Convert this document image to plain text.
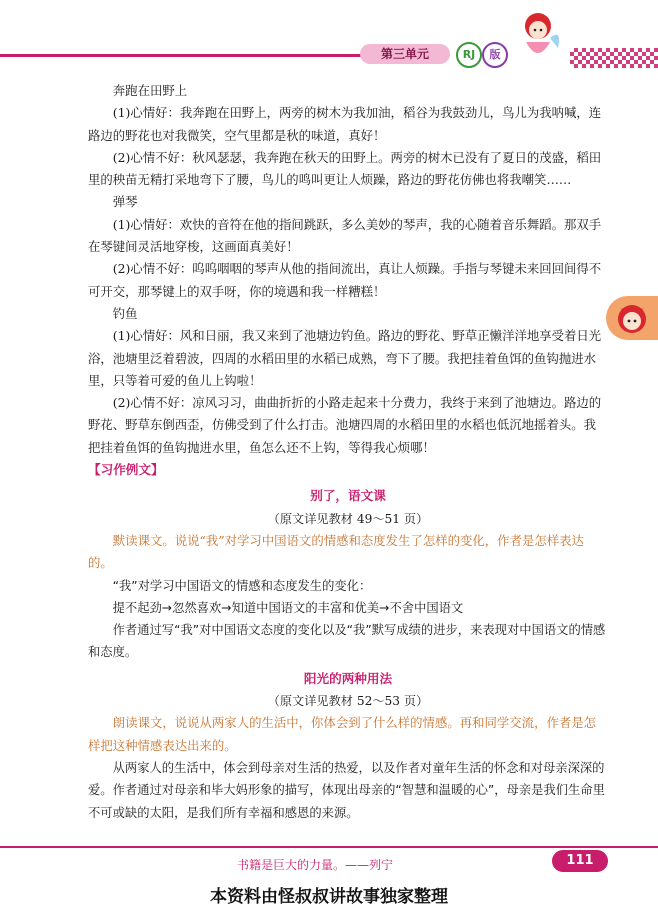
第三单元	RJ	版

奔跑在田野上

(1)心情好：我奔跑在田野上，两旁的树木为我加油，稻谷为我鼓劲儿，鸟儿为我呐喊，连路边的野花也对我微笑，空气里都是秋的味道，真好！

(2)心情不好：秋风瑟瑟，我奔跑在秋天的田野上。两旁的树木已没有了夏日的茂盛，稻田里的秧苗无精打采地弯下了腰，鸟儿的鸣叫更让人烦躁，路边的野花仿佛也将我嘲笑……

弹琴

(1)心情好：欢快的音符在他的指间跳跃，多么美妙的琴声，我的心随着音乐舞蹈。那双手在琴键间灵活地穿梭，这画面真美好！

(2)心情不好：呜呜咽咽的琴声从他的指间流出，真让人烦躁。手指与琴键未来回回间得不可开交，那琴键上的双手呀，你的境遇和我一样糟糕！

钓鱼

(1)心情好：风和日丽，我又来到了池塘边钓鱼。路边的野花、野草正懒洋洋地享受着日光浴，池塘里泛着碧波，四周的水稻田里的水稻已成熟，弯下了腰。我把挂着鱼饵的鱼钩抛进水里，只等着可爱的鱼儿上钩啦！

(2)心情不好：凉风习习，曲曲折折的小路走起来十分费力，我终于来到了池塘边。路边的野花、野草东倒西歪，仿佛受到了什么打击。池塘四周的水稻田里的水稻也低沉地摇着头。我把挂着鱼饵的鱼钩抛进水里，鱼怎么还不上钩，等得我心烦哪！

【习作例文】

别了，语文课

（原文详见教材 49～51 页）

默读课文。说说“我”对学习中国语文的情感和态度发生了怎样的变化，作者是怎样表达的。

“我”对学习中国语文的情感和态度发生的变化：

提不起劲→忽然喜欢→知道中国语文的丰富和优美→不舍中国语文

作者通过写“我”对中国语文态度的变化以及“我”默写成绩的进步，来表现对中国语文的情感和态度。

阳光的两种用法

（原文详见教材 52～53 页）

朗读课文，说说从两家人的生活中，你体会到了什么样的情感。再和同学交流，作者是怎样把这种情感表达出来的。

从两家人的生活中，体会到母亲对生活的热爱，以及作者对童年生活的怀念和对母亲深深的爱。作者通过对母亲和毕大妈形象的描写，体现出母亲的“智慧和温暖的心”，母亲是我们生命里不可或缺的太阳，是我们所有幸福和感恩的来源。

书籍是巨大的力量。——列宁	111
本资料由怪叔叔讲故事独家整理
